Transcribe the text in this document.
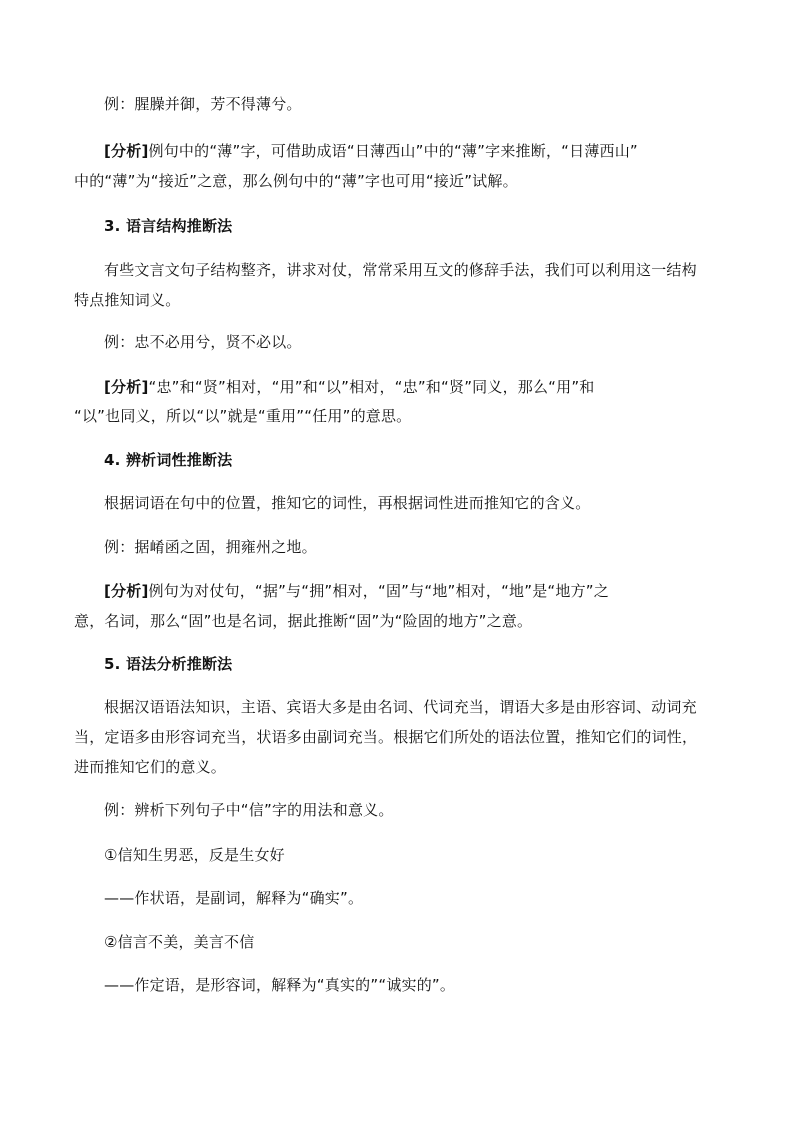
例：腥臊并御，芳不得薄兮。
[分析]例句中的“薄”字，可借助成语“日薄西山”中的“薄”字来推断，“日薄西山”
中的“薄”为“接近”之意，那么例句中的“薄”字也可用“接近”试解。
3. 语言结构推断法
有些文言文句子结构整齐，讲求对仗，常常采用互文的修辞手法，我们可以利用这一结构
特点推知词义。
例：忠不必用兮，贤不必以。
[分析]“忠”和“贤”相对，“用”和“以”相对，“忠”和“贤”同义，那么“用”和
“以”也同义，所以“以”就是“重用”“任用”的意思。
4. 辨析词性推断法
根据词语在句中的位置，推知它的词性，再根据词性进而推知它的含义。
例：据崤函之固，拥雍州之地。
[分析]例句为对仗句，“据”与“拥”相对，“固”与“地”相对，“地”是“地方”之
意，名词，那么“固”也是名词，据此推断“固”为“险固的地方”之意。
5. 语法分析推断法
根据汉语语法知识，主语、宾语大多是由名词、代词充当，谓语大多是由形容词、动词充
当，定语多由形容词充当，状语多由副词充当。根据它们所处的语法位置，推知它们的词性，
进而推知它们的意义。
例：辨析下列句子中“信”字的用法和意义。
①信知生男恶，反是生女好
——作状语，是副词，解释为“确实”。
②信言不美，美言不信
——作定语，是形容词，解释为“真实的”“诚实的”。
